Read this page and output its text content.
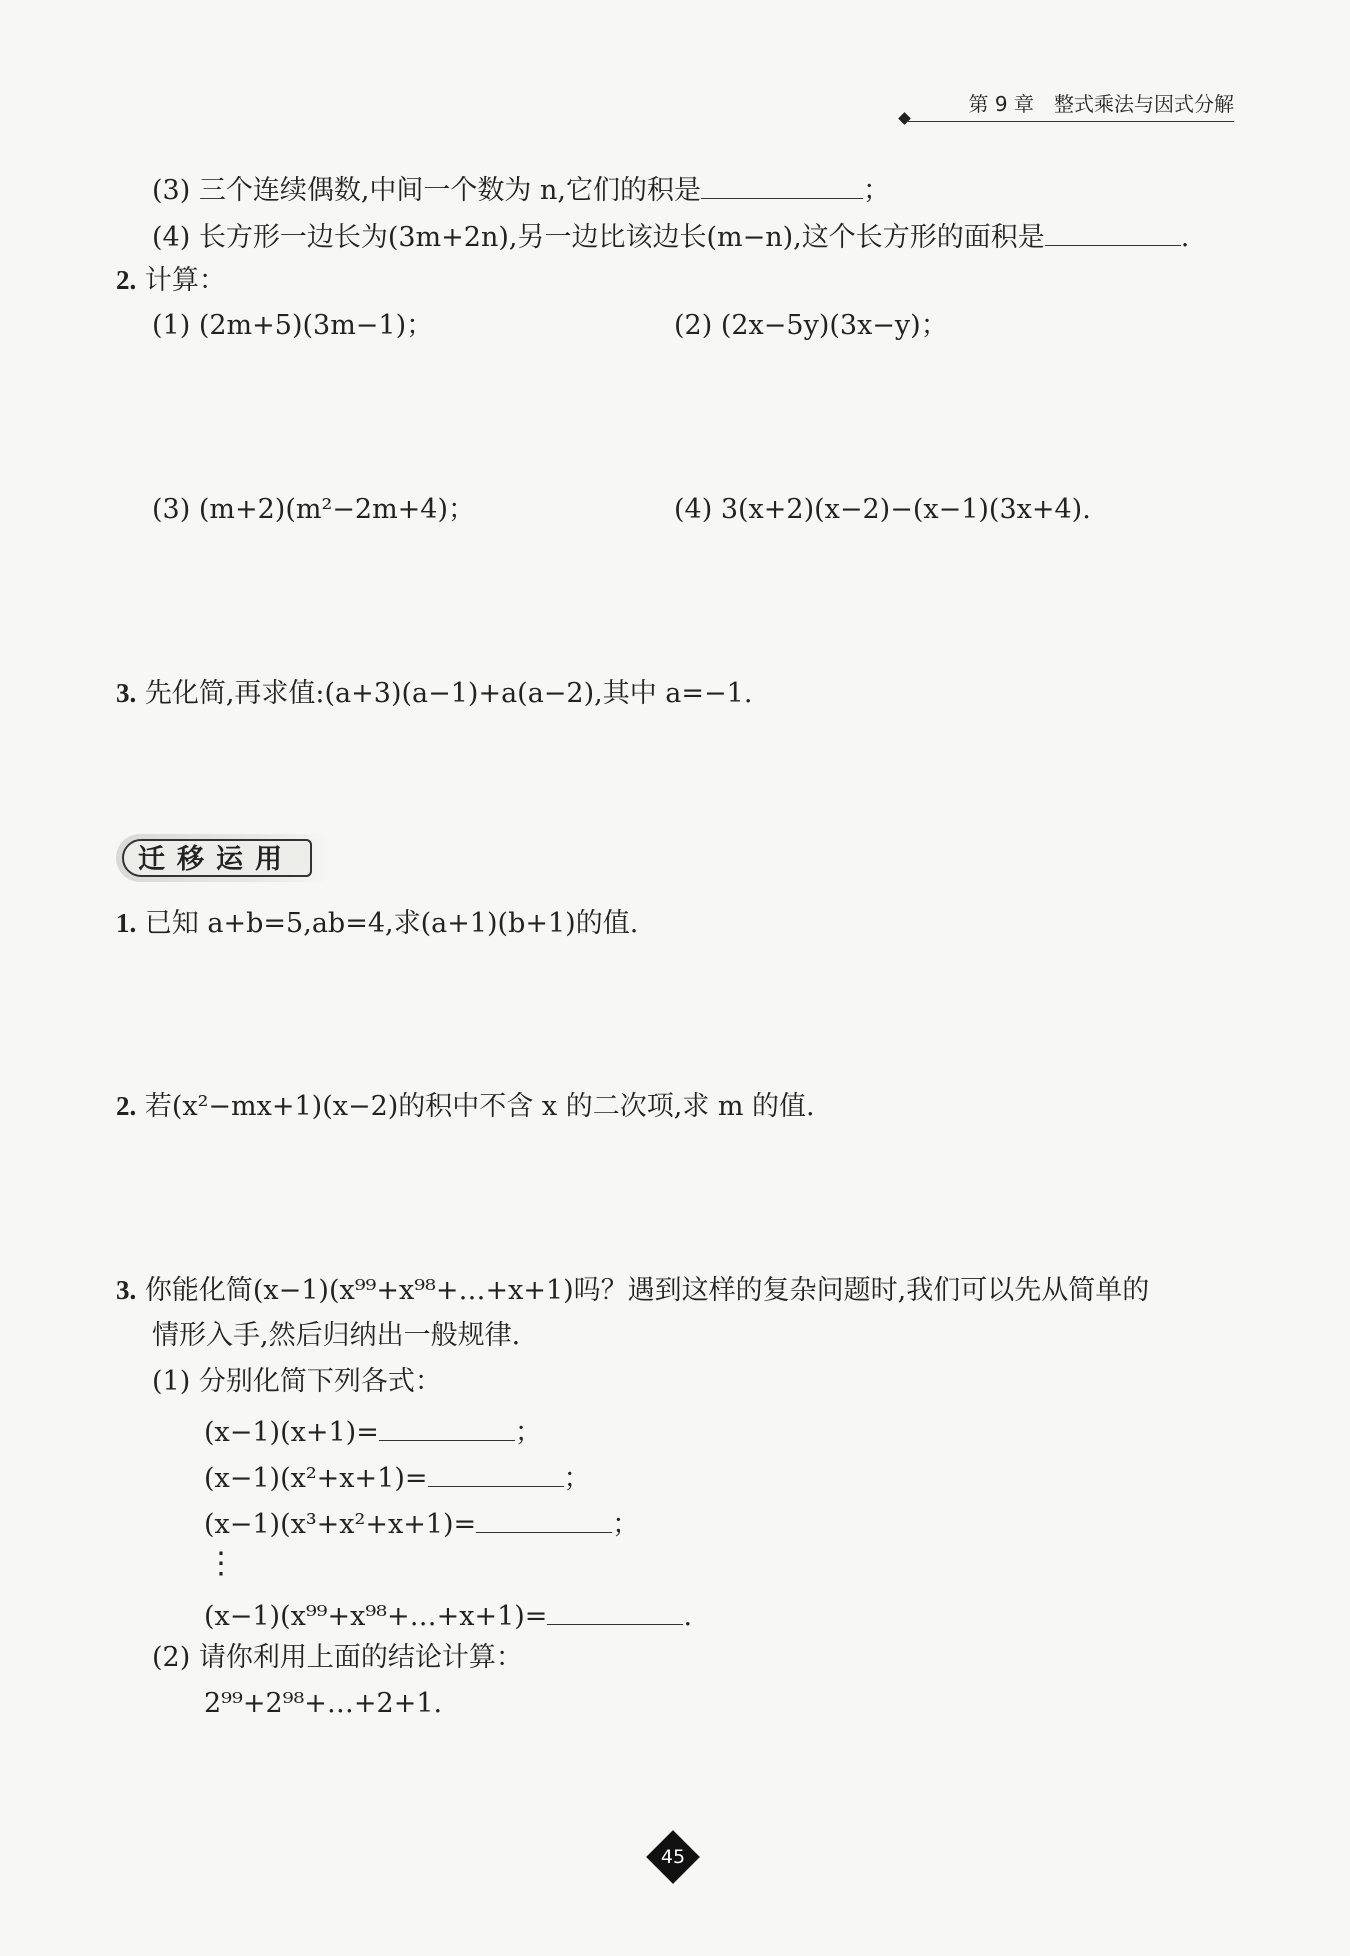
第 9 章　整式乘法与因式分解
(3) 三个连续偶数,中间一个数为 n,它们的积是	；
(4) 长方形一边长为(3m+2n),另一边比该边长(m−n),这个长方形的面积是	.
2. 计算：
(1) (2m+5)(3m−1)；	(2) (2x−5y)(3x−y)；
(3) (m+2)(m²−2m+4)；	(4) 3(x+2)(x−2)−(x−1)(3x+4).
3. 先化简,再求值:(a+3)(a−1)+a(a−2),其中 a=−1.
迁移运用
1. 已知 a+b=5,ab=4,求(a+1)(b+1)的值.
2. 若(x²−mx+1)(x−2)的积中不含 x 的二次项,求 m 的值.
3. 你能化简(x−1)(x⁹⁹+x⁹⁸+…+x+1)吗？遇到这样的复杂问题时,我们可以先从简单的
情形入手,然后归纳出一般规律.
(1) 分别化简下列各式：
(x−1)(x+1)=	；
(x−1)(x²+x+1)=	；
(x−1)(x³+x²+x+1)=	；
⋮
(x−1)(x⁹⁹+x⁹⁸+…+x+1)=	.
(2) 请你利用上面的结论计算：
2⁹⁹+2⁹⁸+…+2+1.
45
